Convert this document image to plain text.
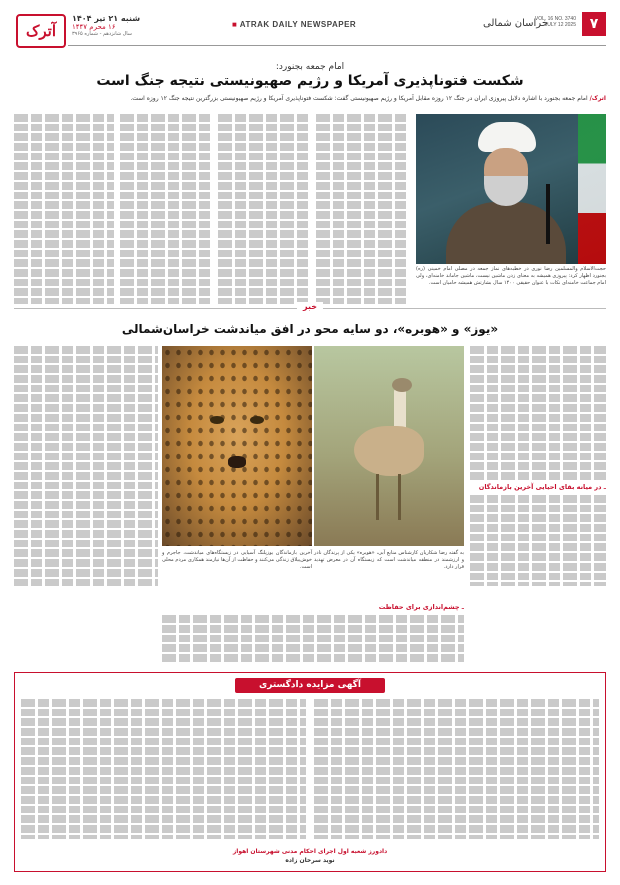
آترک
شنبه ۲۱ تیر ۱۴۰۴
۱۶ محرم ۱۴۴۷
سال شانزدهم - شماره ۳۹۶۵
■ ATRAK DAILY NEWSPAPER	خراسان شمالی
VOL. 16 NO. 3740
JULY 12 2025 ۷
امام جمعه بجنورد:
شکست فتوناپذیری آمریکا و رژیم صهیونیستی نتیجه جنگ است
اترک/ امام جمعه بجنورد با اشاره دلایل پیروزی ایران در جنگ ۱۲ روزه مقابل آمریکا و رژیم صهیونیستی گفت: شکست فتوناپذیری آمریکا و رژیم صهیونیستی بزرگترین نتیجه جنگ ۱۲ روزه است.
حجت‌الاسلام والمسلمین رضا نوری در خطبه‌های نماز جمعه در مصلی امام خمینی (ره) بجنورد اظهار کرد: پیروزی همیشه به معنای زدن ماشین نیست، ماشین جاماند خامنه‌ای، ولی امام جماعت خامنه‌ای نکات با عنوان حقیقی ۱۴۰۰ سال بشارتش همیشه حامیان است.
خبر
«یوز» و «هوبره»، دو سایه محو در افق میاندشت خراسان‌شمالی
به گفته رضا شکاریان کارشناس منابع آبی، «هوبره» یکی از پرندگان نادر و ارزشمند در منطقه میاندشت است که زیستگاه آن در معرض تهدید قرار دارد.
آخرین بازماندگان یوزپلنگ آسیایی در زیستگاه‌های میاندشت، جاجرم و خوش‌ییلاق زندگی می‌کنند و حفاظت از آن‌ها نیازمند همکاری مردم محلی است.
ـ در میانه بقای احیایی آخرین بازماندگان
ـ چشم‌اندازی برای حفاظت
آگهی مزایده دادگستری
دادورز شعبه اول اجرای احکام مدنی شهرستان اهواز
نوید سرخان زاده
